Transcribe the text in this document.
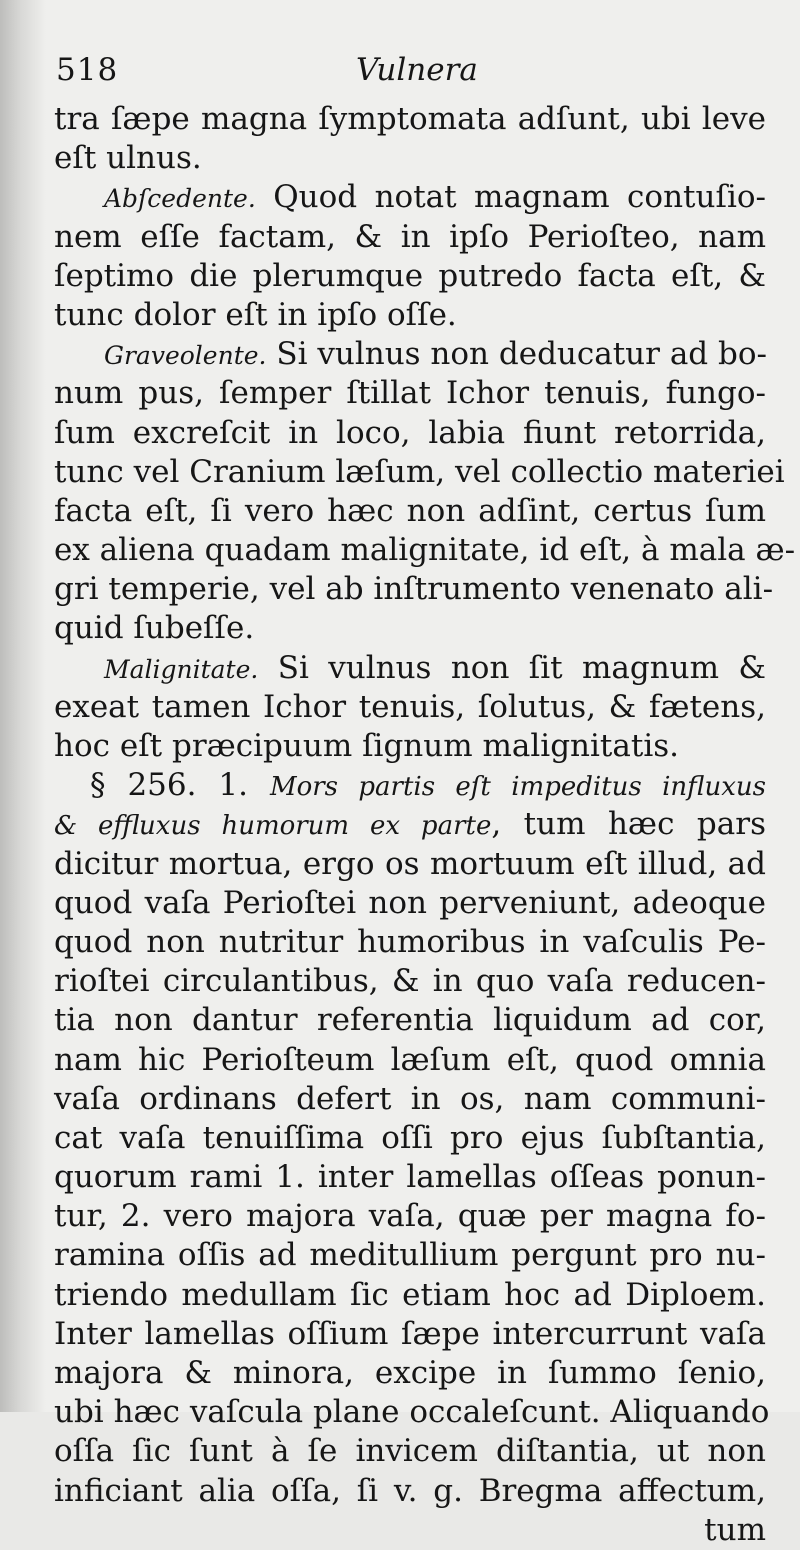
518	Vulnera
tra ſæpe magna ſymptomata adſunt, ubi leve
eſt ulnus.
Abſcedente. Quod notat magnam contuſio-
nem eſſe factam, & in ipſo Perioſteo, nam
ſeptimo die plerumque putredo facta eſt, &
tunc dolor eſt in ipſo oſſe.
Graveolente. Si vulnus non deducatur ad bo-
num pus, ſemper ſtillat Ichor tenuis, fungo-
ſum excreſcit in loco, labia fiunt retorrida,
tunc vel Cranium læſum, vel collectio materiei
facta eſt, ſi vero hæc non adſint, certus ſum
ex aliena quadam malignitate, id eſt, à mala æ-
gri temperie, vel ab inſtrumento venenato ali-
quid ſubeſſe.
Malignitate. Si vulnus non ſit magnum &
exeat tamen Ichor tenuis, ſolutus, & fætens,
hoc eſt præcipuum ſignum malignitatis.
§ 256. 1. Mors partis eſt impeditus influxus
& effluxus humorum ex parte, tum hæc pars
dicitur mortua, ergo os mortuum eſt illud, ad
quod vaſa Perioſtei non perveniunt, adeoque
quod non nutritur humoribus in vaſculis Pe-
rioſtei circulantibus, & in quo vaſa reducen-
tia non dantur referentia liquidum ad cor,
nam hic Perioſteum læſum eſt, quod omnia
vaſa ordinans defert in os, nam communi-
cat vaſa tenuiſſima oſſi pro ejus ſubſtantia,
quorum rami 1. inter lamellas oſſeas ponun-
tur, 2. vero majora vaſa, quæ per magna fo-
ramina oſſis ad meditullium pergunt pro nu-
triendo medullam ſic etiam hoc ad Diploem.
Inter lamellas oſſium ſæpe intercurrunt vaſa
majora & minora, excipe in ſummo ſenio,
ubi hæc vaſcula plane occaleſcunt. Aliquando
oſſa ſic ſunt à ſe invicem diſtantia, ut non
inficiant alia oſſa, ſi v. g. Bregma affectum,
tum
